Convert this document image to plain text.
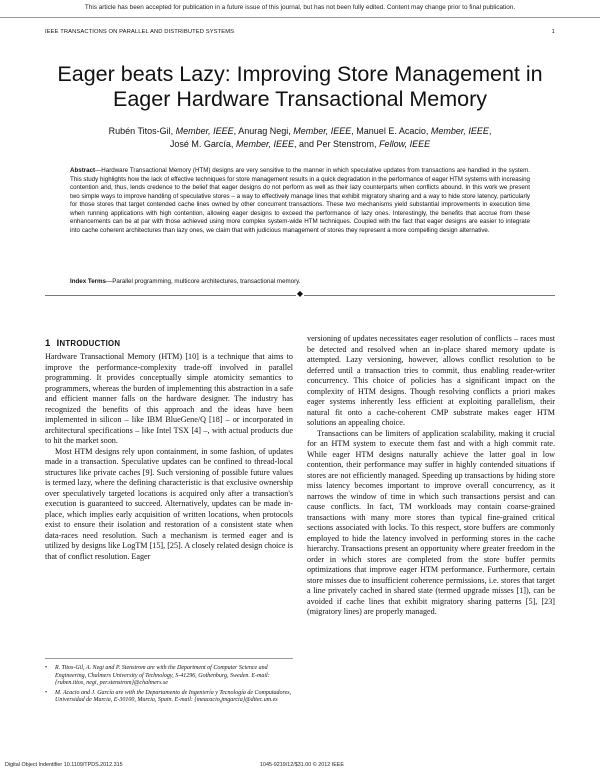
This article has been accepted for publication in a future issue of this journal, but has not been fully edited. Content may change prior to final publication.
IEEE TRANSACTIONS ON PARALLEL AND DISTRIBUTED SYSTEMS	1
Eager beats Lazy: Improving Store Management in Eager Hardware Transactional Memory
Rubén Titos-Gil, Member, IEEE, Anurag Negi, Member, IEEE, Manuel E. Acacio, Member, IEEE,
José M. García, Member, IEEE, and Per Stenstrom, Fellow, IEEE
Abstract—Hardware Transactional Memory (HTM) designs are very sensitive to the manner in which speculative updates from transactions are handled in the system. This study highlights how the lack of effective techniques for store management results in a quick degradation in the performance of eager HTM systems with increasing contention and, thus, lends credence to the belief that eager designs do not perform as well as their lazy counterparts when conflicts abound. In this work we present two simple ways to improve handling of speculative stores – a way to effectively manage lines that exhibit migratory sharing and a way to hide store latency, particularly for those stores that target contended cache lines owned by other concurrent transactions. These two mechanisms yield substantial improvements in execution time when running applications with high contention, allowing eager designs to exceed the performance of lazy ones. Interestingly, the benefits that accrue from these enhancements can be at par with those achieved using more complex system-wide HTM techniques. Coupled with the fact that eager designs are easier to integrate into cache coherent architectures than lazy ones, we claim that with judicious management of stores they represent a more compelling design alternative.
Index Terms—Parallel programming, multicore architectures, transactional memory.
◆
1 INTRODUCTION

Hardware Transactional Memory (HTM) [10] is a technique that aims to improve the performance-complexity trade-off involved in parallel programming. It provides conceptually simple atomicity semantics to programmers, whereas the burden of implementing this abstraction in a safe and efficient manner falls on the hardware designer. The industry has recognized the benefits of this approach and the ideas have been implemented in silicon – like IBM BlueGene/Q [18] – or incorporated in architectural specifications – like Intel TSX [4] –, with actual products due to hit the market soon.

Most HTM designs rely upon containment, in some fashion, of updates made in a transaction. Speculative updates can be confined to thread-local structures like private caches [9]. Such versioning of possible future values is termed lazy, where the defining characteristic is that exclusive ownership over speculatively targeted locations is acquired only after a transaction's execution is guaranteed to succeed. Alternatively, updates can be made in-place, which implies early acquisition of written locations, when protocols exist to ensure their isolation and restoration of a consistent state when data-races need resolution. Such a mechanism is termed eager and is utilized by designs like LogTM [15], [25]. A closely related design choice is that of conflict resolution. Eager

versioning of updates necessitates eager resolution of conflicts – races must be detected and resolved when an in-place shared memory update is attempted. Lazy versioning, however, allows conflict resolution to be deferred until a transaction tries to commit, thus enabling reader-writer concurrency. This choice of policies has a significant impact on the complexity of HTM designs. Though resolving conflicts a priori makes eager systems inherently less efficient at exploiting parallelism, their natural fit onto a cache-coherent CMP substrate makes eager HTM solutions an appealing choice.

Transactions can be limiters of application scalability, making it crucial for an HTM system to execute them fast and with a high commit rate. While eager HTM designs naturally achieve the latter goal in low contention, their performance may suffer in highly contended situations if stores are not efficiently managed. Speeding up transactions by hiding store miss latency becomes important to improve overall concurrency, as it narrows the window of time in which such transactions persist and can cause conflicts. In fact, TM workloads may contain coarse-grained transactions with many more stores than typical fine-grained critical sections associated with locks. To this respect, store buffers are commonly employed to hide the latency involved in performing stores in the cache hierarchy. Transactions present an opportunity where greater freedom in the order in which stores are completed from the store buffer permits optimizations that improve eager HTM performance. Furthermore, certain store misses due to insufficient coherence permissions, i.e. stores that target a line privately cached in shared state (termed upgrade misses [1]), can be avoided if cache lines that exhibit migratory sharing patterns [5], [23] (migratory lines) are properly managed.

•	R. Titos-Gil, A. Negi and P. Stenstrom are with the Department of Computer Science and Engineering, Chalmers University of Technology, S-41296, Gothenburg, Sweden. E-mail: {ruben.titos, negi, per.stenstrom}@chalmers.se
•	M. Acacio and J. García are with the Departamento de Ingeniería y Tecnología de Computadores, Universidad de Murcia, E-30100, Murcia, Spain. E-mail: {meacacio,jmgarcia}@ditec.um.es
Digital Object Indentifier 10.1109/TPDS.2012.315	1045-9219/12/$31.00 © 2012 IEEE
